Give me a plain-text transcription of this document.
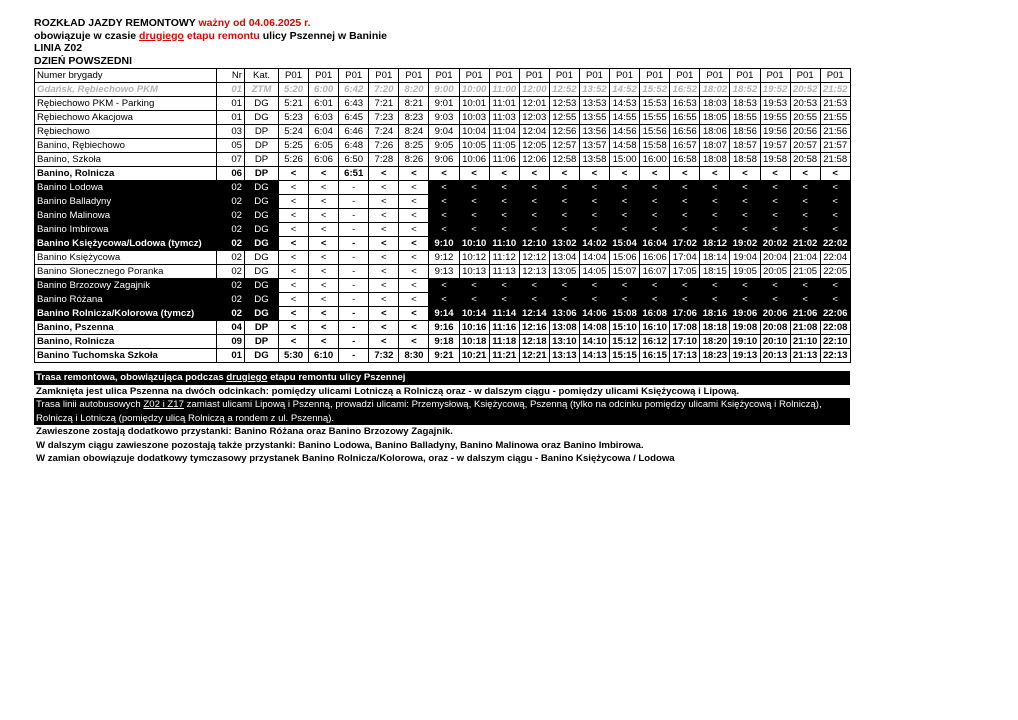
ROZKŁAD JAZDY REMONTOWY ważny od 04.06.2025 r.
obowiązuje w czasie drugiego etapu remontu ulicy Pszennej w Baninie
LINIA Z02
DZIEŃ POWSZEDNI
Numer brygady	Nr	Kat.	P01	P01	P01	P01	P01	P01	P01	P01	P01	P01	P01	P01	P01	P01	P01	P01	P01	P01	P01
Gdańsk, Rębiechowo PKM	01	ZTM	5:20	6:00	6:42	7:20	8:20	9:00	10:00	11:00	12:00	12:52	13:52	14:52	15:52	16:52	18:02	18:52	19:52	20:52	21:52
Rębiechowo PKM - Parking	01	DG	5:21	6:01	6:43	7:21	8:21	9:01	10:01	11:01	12:01	12:53	13:53	14:53	15:53	16:53	18:03	18:53	19:53	20:53	21:53
Rębiechowo Akacjowa	01	DG	5:23	6:03	6:45	7:23	8:23	9:03	10:03	11:03	12:03	12:55	13:55	14:55	15:55	16:55	18:05	18:55	19:55	20:55	21:55
Rębiechowo	03	DP	5:24	6:04	6:46	7:24	8:24	9:04	10:04	11:04	12:04	12:56	13:56	14:56	15:56	16:56	18:06	18:56	19:56	20:56	21:56
Banino, Rębiechowo	05	DP	5:25	6:05	6:48	7:26	8:25	9:05	10:05	11:05	12:05	12:57	13:57	14:58	15:58	16:57	18:07	18:57	19:57	20:57	21:57
Banino, Szkoła	07	DP	5:26	6:06	6:50	7:28	8:26	9:06	10:06	11:06	12:06	12:58	13:58	15:00	16:00	16:58	18:08	18:58	19:58	20:58	21:58
Banino, Rolnicza	06	DP	<	<	6:51	<	<	<	<	<	<	<	<	<	<	<	<	<	<	<	<
Banino Lodowa	02	DG	<	<	-	<	<	<	<	<	<	<	<	<	<	<	<	<	<	<	<
Banino Balladyny	02	DG	<	<	-	<	<	<	<	<	<	<	<	<	<	<	<	<	<	<	<
Banino Malinowa	02	DG	<	<	-	<	<	<	<	<	<	<	<	<	<	<	<	<	<	<	<
Banino Imbirowa	02	DG	<	<	-	<	<	<	<	<	<	<	<	<	<	<	<	<	<	<	<
Banino Księżycowa/Lodowa (tymcz)	02	DG	<	<	-	<	<	9:10	10:10	11:10	12:10	13:02	14:02	15:04	16:04	17:02	18:12	19:02	20:02	21:02	22:02
Banino Księżycowa	02	DG	<	<	-	<	<	9:12	10:12	11:12	12:12	13:04	14:04	15:06	16:06	17:04	18:14	19:04	20:04	21:04	22:04
Banino Słonecznego Poranka	02	DG	<	<	-	<	<	9:13	10:13	11:13	12:13	13:05	14:05	15:07	16:07	17:05	18:15	19:05	20:05	21:05	22:05
Banino Brzozowy Zagajnik	02	DG	<	<	-	<	<	<	<	<	<	<	<	<	<	<	<	<	<	<	<
Banino Różana	02	DG	<	<	-	<	<	<	<	<	<	<	<	<	<	<	<	<	<	<	<
Banino Rolnicza/Kolorowa (tymcz)	02	DG	<	<	-	<	<	9:14	10:14	11:14	12:14	13:06	14:06	15:08	16:08	17:06	18:16	19:06	20:06	21:06	22:06
Banino, Pszenna	04	DP	<	<	-	<	<	9:16	10:16	11:16	12:16	13:08	14:08	15:10	16:10	17:08	18:18	19:08	20:08	21:08	22:08
Banino, Rolnicza	09	DP	<	<	-	<	<	9:18	10:18	11:18	12:18	13:10	14:10	15:12	16:12	17:10	18:20	19:10	20:10	21:10	22:10
Banino Tuchomska Szkoła	01	DG	5:30	6:10	-	7:32	8:30	9:21	10:21	11:21	12:21	13:13	14:13	15:15	16:15	17:13	18:23	19:13	20:13	21:13	22:13
Trasa remontowa, obowiązująca podczas drugiego etapu remontu ulicy Pszennej
Zamknięta jest ulica Pszenna na dwóch odcinkach: pomiędzy ulicami Lotniczą a Rolniczą oraz - w dalszym ciągu - pomiędzy ulicami Księżycową i Lipową.
Trasa linii autobusowych Z02 i Z17 zamiast ulicami Lipową i Pszenną, prowadzi ulicami: Przemysłową, Księżycową, Pszenną (tylko na odcinku pomiędzy ulicami Księżycową i Rolniczą),
Rolniczą i Lotniczą (pomiędzy ulicą Rolniczą a rondem z ul. Pszenną).
Zawieszone zostają dodatkowo przystanki: Banino Różana oraz Banino Brzozowy Zagajnik.
W dalszym ciągu zawieszone pozostają także przystanki: Banino Lodowa, Banino Balladyny, Banino Malinowa oraz Banino Imbirowa.
W zamian obowiązuje dodatkowy tymczasowy przystanek Banino Rolnicza/Kolorowa, oraz - w dalszym ciągu - Banino Księżycowa / Lodowa
